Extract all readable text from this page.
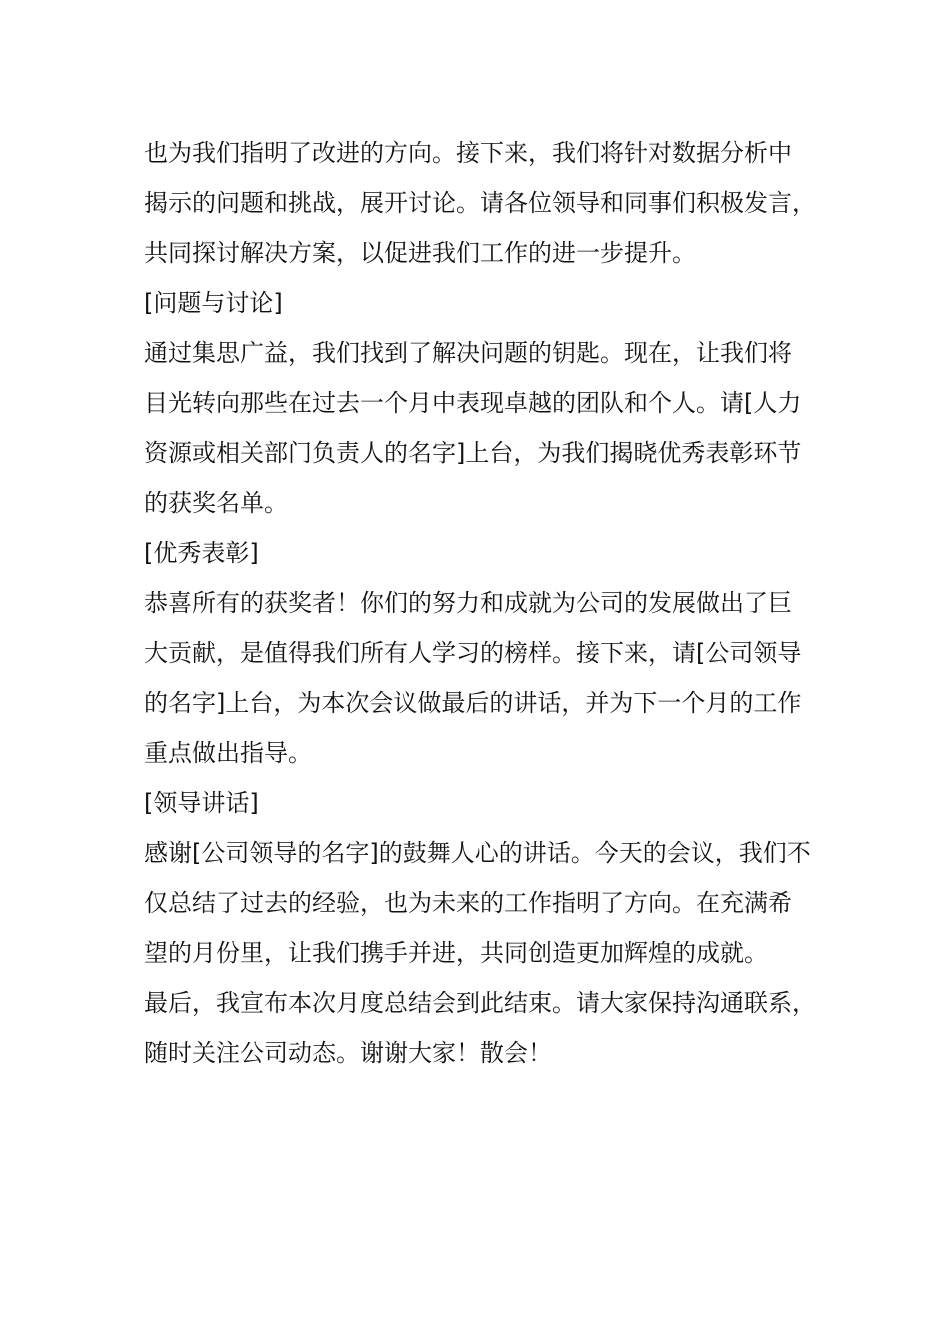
也为我们指明了改进的方向。接下来，我们将针对数据分析中
揭示的问题和挑战，展开讨论。请各位领导和同事们积极发言，
共同探讨解决方案，以促进我们工作的进一步提升。
[问题与讨论]
通过集思广益，我们找到了解决问题的钥匙。现在，让我们将
目光转向那些在过去一个月中表现卓越的团队和个人。请[人力
资源或相关部门负责人的名字]上台，为我们揭晓优秀表彰环节
的获奖名单。
[优秀表彰]
恭喜所有的获奖者！你们的努力和成就为公司的发展做出了巨
大贡献，是值得我们所有人学习的榜样。接下来，请[公司领导
的名字]上台，为本次会议做最后的讲话，并为下一个月的工作
重点做出指导。
[领导讲话]
感谢[公司领导的名字]的鼓舞人心的讲话。今天的会议，我们不
仅总结了过去的经验，也为未来的工作指明了方向。在充满希
望的月份里，让我们携手并进，共同创造更加辉煌的成就。
最后，我宣布本次月度总结会到此结束。请大家保持沟通联系，
随时关注公司动态。谢谢大家！散会！
